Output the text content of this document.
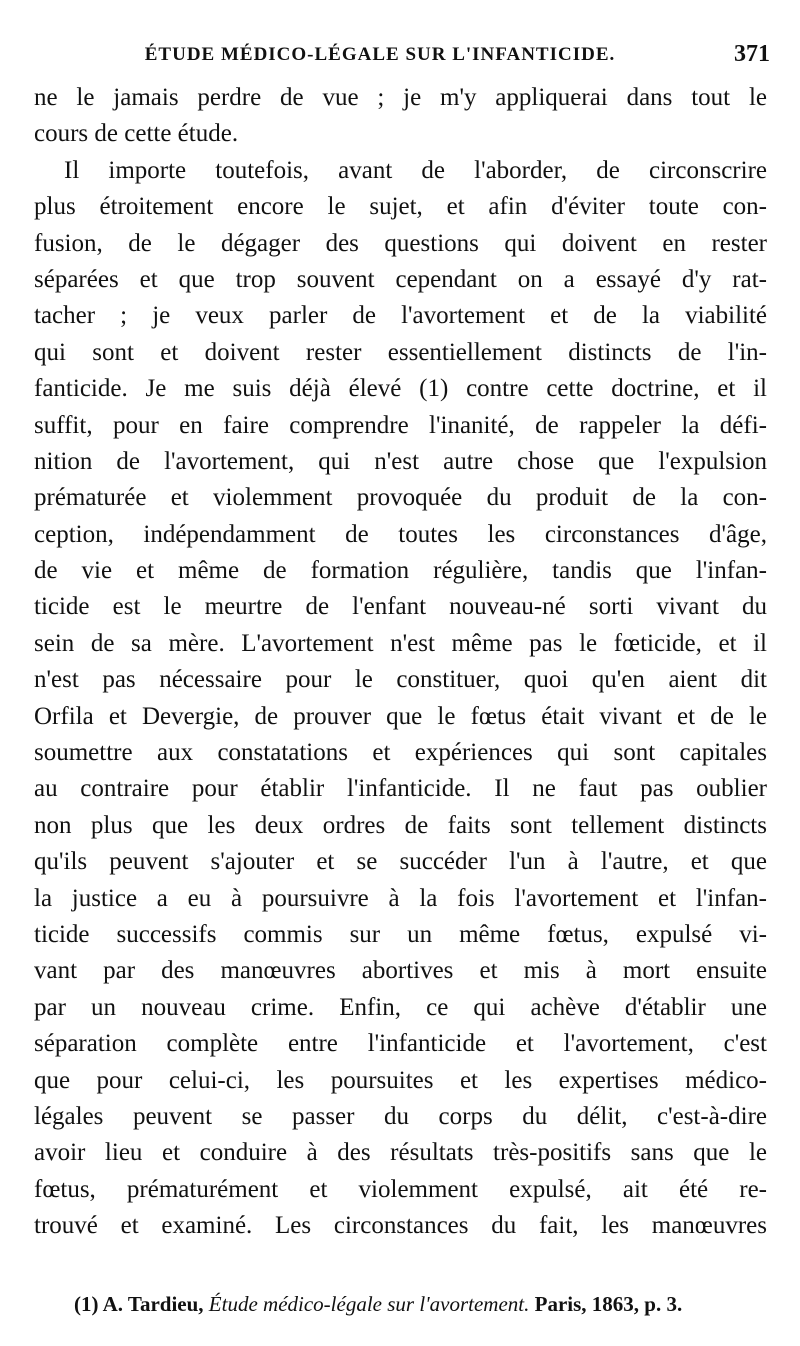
ÉTUDE MÉDICO-LÉGALE SUR L'INFANTICIDE.	371
ne le jamais perdre de vue ; je m'y appliquerai dans tout le
cours de cette étude.
Il importe toutefois, avant de l'aborder, de circonscrire
plus étroitement encore le sujet, et afin d'éviter toute con-
fusion, de le dégager des questions qui doivent en rester
séparées et que trop souvent cependant on a essayé d'y rat-
tacher ; je veux parler de l'avortement et de la viabilité
qui sont et doivent rester essentiellement distincts de l'in-
fanticide. Je me suis déjà élevé (1) contre cette doctrine, et il
suffit, pour en faire comprendre l'inanité, de rappeler la défi-
nition de l'avortement, qui n'est autre chose que l'expulsion
prématurée et violemment provoquée du produit de la con-
ception, indépendamment de toutes les circonstances d'âge,
de vie et même de formation régulière, tandis que l'infan-
ticide est le meurtre de l'enfant nouveau-né sorti vivant du
sein de sa mère. L'avortement n'est même pas le fœticide, et il
n'est pas nécessaire pour le constituer, quoi qu'en aient dit
Orfila et Devergie, de prouver que le fœtus était vivant et de le
soumettre aux constatations et expériences qui sont capitales
au contraire pour établir l'infanticide. Il ne faut pas oublier
non plus que les deux ordres de faits sont tellement distincts
qu'ils peuvent s'ajouter et se succéder l'un à l'autre, et que
la justice a eu à poursuivre à la fois l'avortement et l'infan-
ticide successifs commis sur un même fœtus, expulsé vi-
vant par des manœuvres abortives et mis à mort ensuite
par un nouveau crime. Enfin, ce qui achève d'établir une
séparation complète entre l'infanticide et l'avortement, c'est
que pour celui-ci, les poursuites et les expertises médico-
légales peuvent se passer du corps du délit, c'est-à-dire
avoir lieu et conduire à des résultats très-positifs sans que le
fœtus, prématurément et violemment expulsé, ait été re-
trouvé et examiné. Les circonstances du fait, les manœuvres
(1) A. Tardieu, Étude médico-légale sur l'avortement. Paris, 1863, p. 3.
